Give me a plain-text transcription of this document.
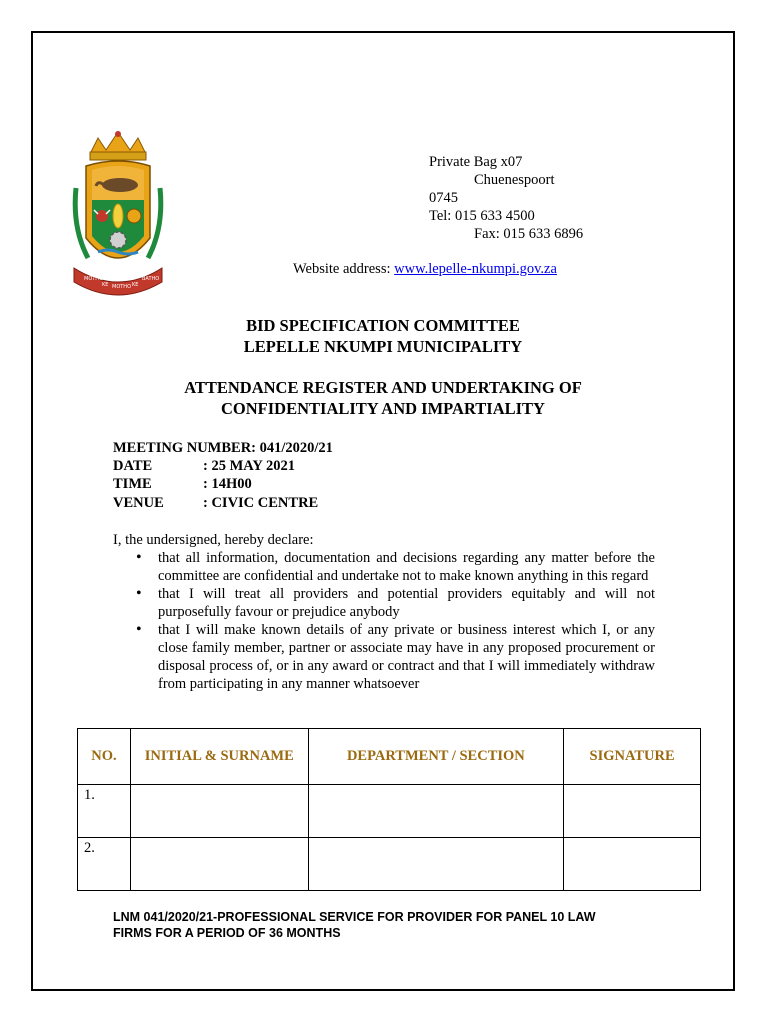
MOTHO
KE MOTHO KE
BATHO
Private Bag x07
Chuenespoort
0745
Tel: 015 633 4500
Fax: 015 633 6896
Website address: www.lepelle-nkumpi.gov.za
BID SPECIFICATION COMMITTEE
LEPELLE NKUMPI MUNICIPALITY
ATTENDANCE REGISTER AND UNDERTAKING OF
CONFIDENTIALITY AND IMPARTIALITY
MEETING NUMBER: 041/2020/21
DATE	: 25 MAY 2021
TIME	: 14H00
VENUE	: CIVIC CENTRE
I, the undersigned, hereby declare:
• that all information, documentation and decisions regarding any matter before the committee are confidential and undertake not to make known anything in this regard
• that I will treat all providers and potential providers equitably and will not purposefully favour or prejudice anybody
• that I will make known details of any private or business interest which I, or any close family member, partner or associate may have in any proposed procurement or disposal process of, or in any award or contract and that I will immediately withdraw from participating in any manner whatsoever
NO.	INITIAL & SURNAME	DEPARTMENT / SECTION	SIGNATURE
1.			
2.			
LNM 041/2020/21-PROFESSIONAL SERVICE FOR PROVIDER FOR PANEL 10 LAW
FIRMS FOR A PERIOD OF 36 MONTHS
